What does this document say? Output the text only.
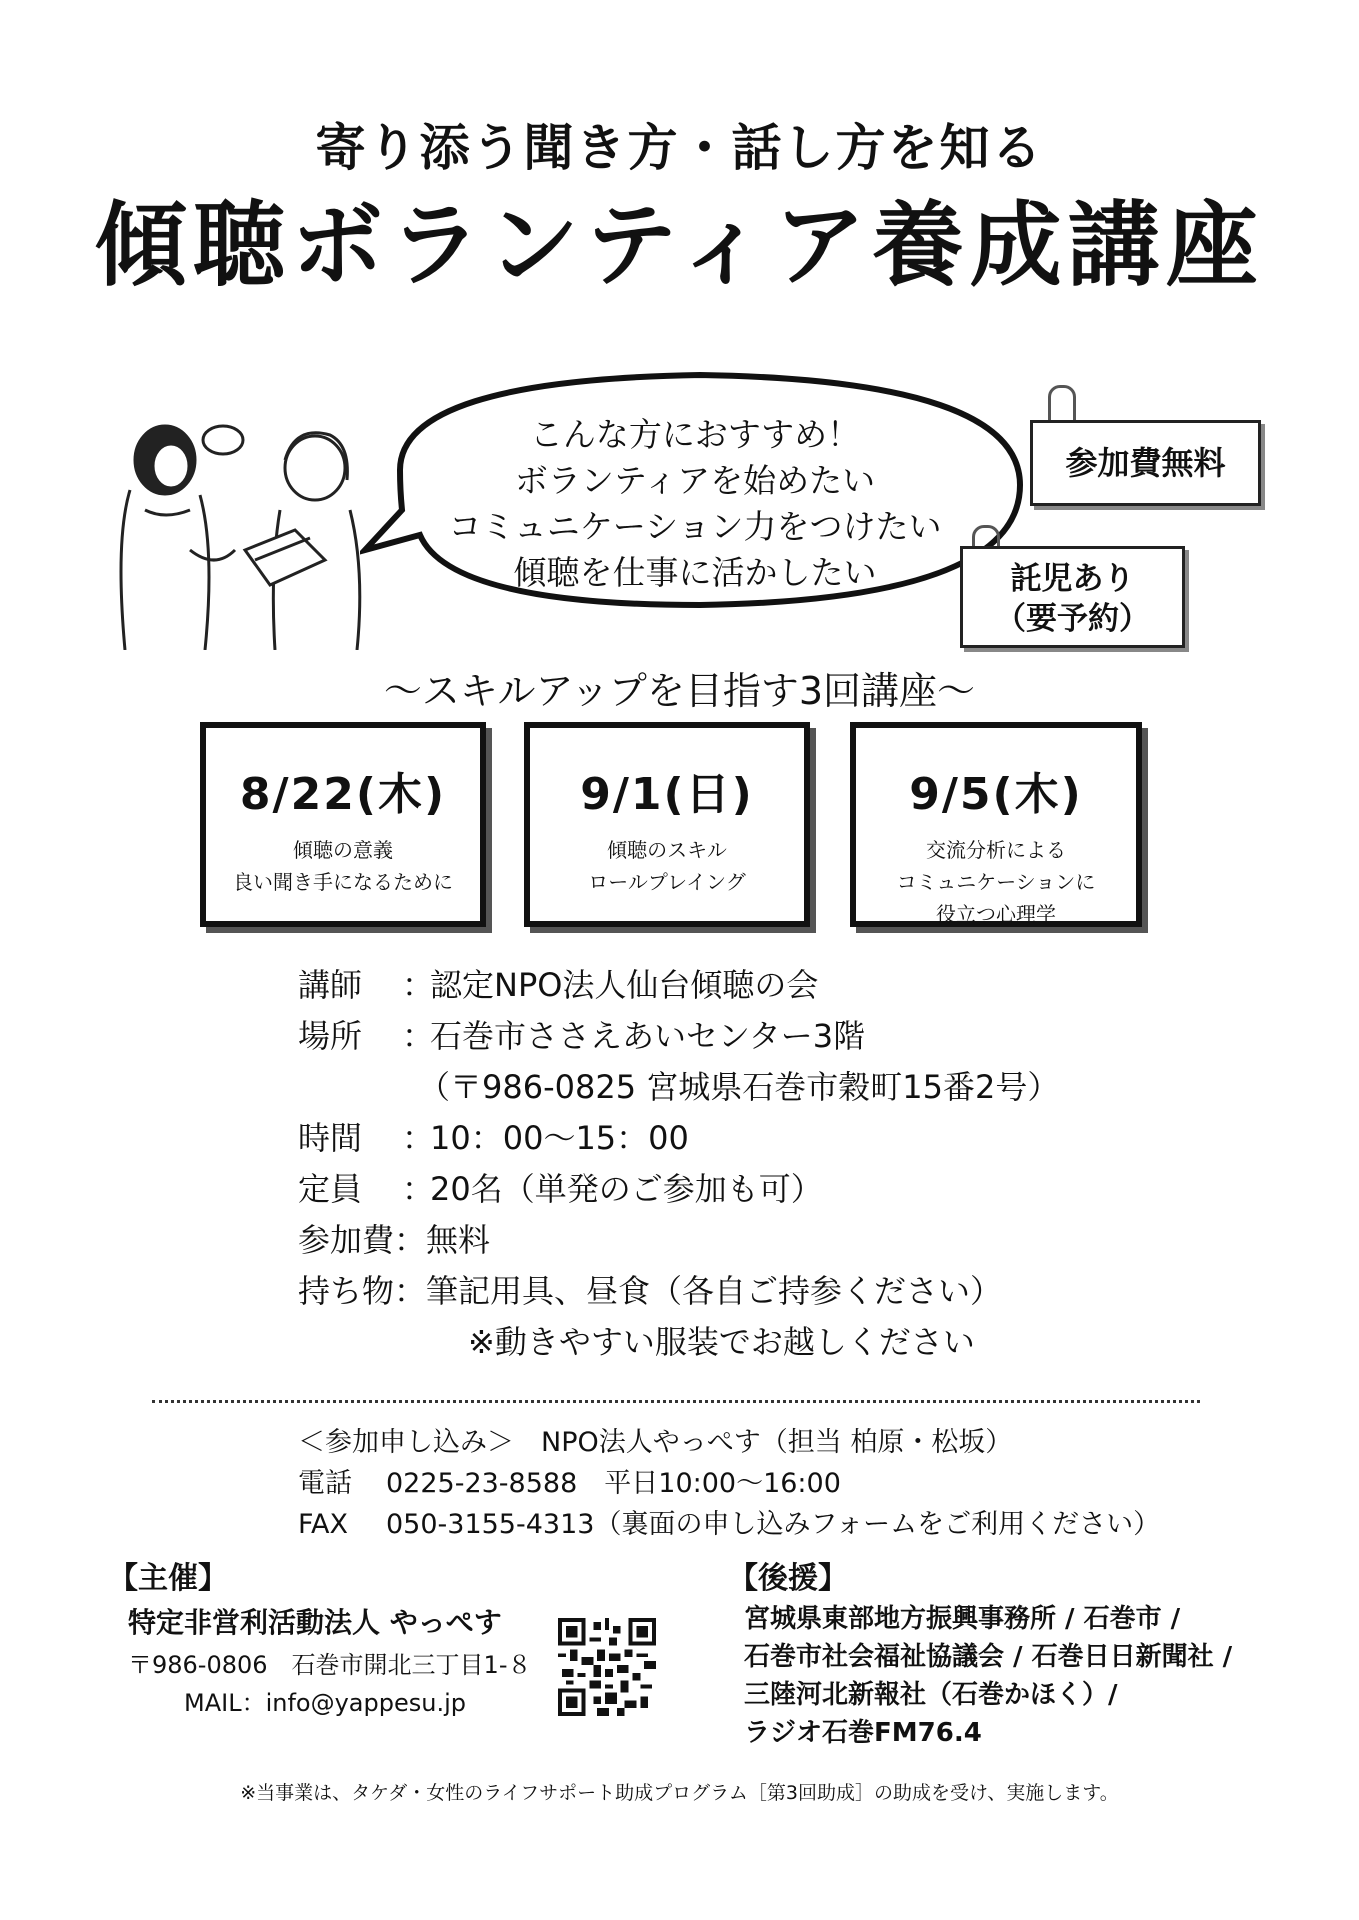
寄り添う聞き方・話し方を知る
傾聴ボランティア養成講座
こんな方におすすめ！
ボランティアを始めたい
コミュニケーション力をつけたい
傾聴を仕事に活かしたい
参加費無料
託児あり
（要予約）
～スキルアップを目指す3回講座～
8/22(木)
傾聴の意義
良い聞き手になるために
9/1(日)
傾聴のスキル
ロールプレイング
9/5(木)
交流分析による
コミュニケーションに
役立つ心理学
講師	：
認定NPO法人仙台傾聴の会
場所	：
石巻市ささえあいセンター3階
（〒986-0825 宮城県石巻市穀町15番2号）
時間	：
10：00～15：00
定員	：
20名（単発のご参加も可）
参加費 ： 無料
持ち物 ： 筆記用具、昼食（各自ご持参ください）
※動きやすい服装でお越しください
＜参加申し込み＞　NPO法人やっぺす（担当 柏原・松坂）
電話 0225-23-8588　平日10:00～16:00
FAX 050-3155-4313（裏面の申し込みフォームをご利用ください）
【主催】
特定非営利活動法人 やっぺす
〒986-0806　石巻市開北三丁目1-８
MAIL：info@yappesu.jp
【後援】
宮城県東部地方振興事務所 / 石巻市 /
石巻市社会福祉協議会 / 石巻日日新聞社 /
三陸河北新報社（石巻かほく）/
ラジオ石巻FM76.4
※当事業は、タケダ・女性のライフサポート助成プログラム［第3回助成］の助成を受け、実施します。
